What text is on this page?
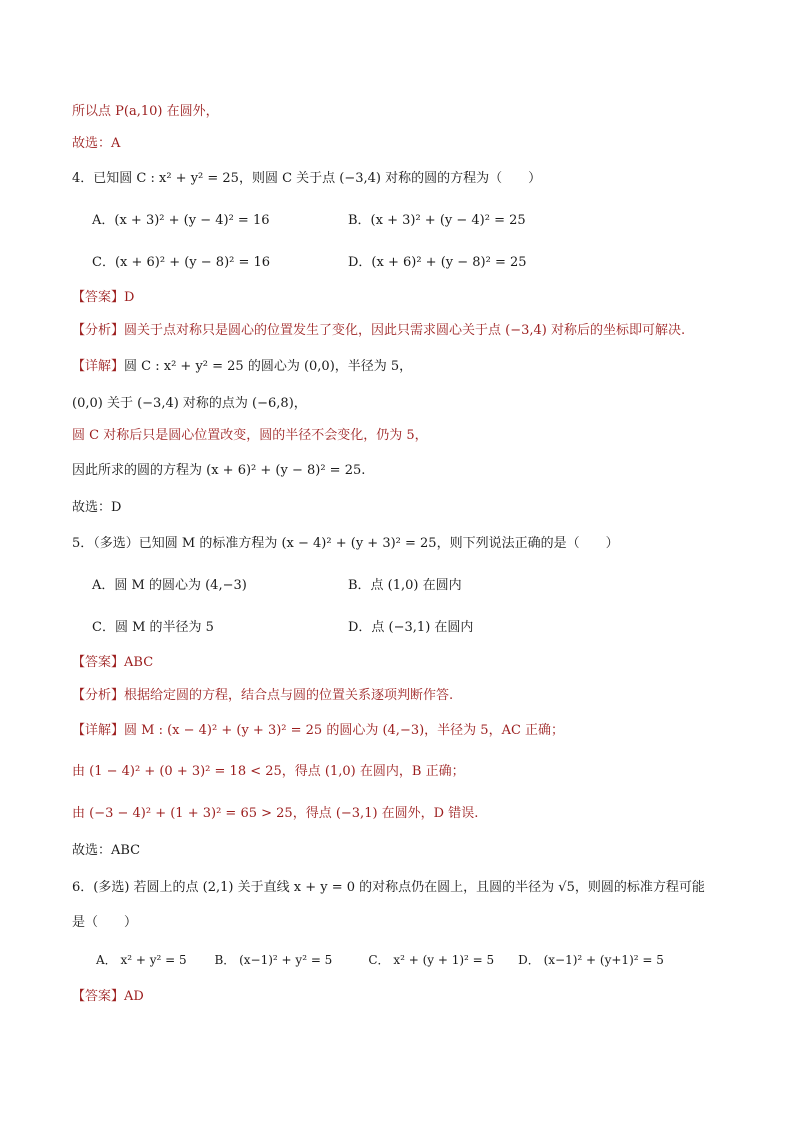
所以点 P(a,10) 在圆外，
故选：A
4．已知圆 C : x² + y² = 25，则圆 C 关于点 (−3,4) 对称的圆的方程为（　　）
A．(x + 3)² + (y − 4)² = 16	B．(x + 3)² + (y − 4)² = 25
C．(x + 6)² + (y − 8)² = 16	D．(x + 6)² + (y − 8)² = 25
【答案】D
【分析】圆关于点对称只是圆心的位置发生了变化，因此只需求圆心关于点 (−3,4) 对称后的坐标即可解决.
【详解】圆 C : x² + y² = 25 的圆心为 (0,0)，半径为 5，
(0,0) 关于 (−3,4) 对称的点为 (−6,8)，
圆 C 对称后只是圆心位置改变，圆的半径不会变化，仍为 5，
因此所求的圆的方程为 (x + 6)² + (y − 8)² = 25.
故选：D
5．（多选）已知圆 M 的标准方程为 (x − 4)² + (y + 3)² = 25，则下列说法正确的是（　　）
A．圆 M 的圆心为 (4,−3)	B．点 (1,0) 在圆内
C．圆 M 的半径为 5	D．点 (−3,1) 在圆内
【答案】ABC
【分析】根据给定圆的方程，结合点与圆的位置关系逐项判断作答.
【详解】圆 M : (x − 4)² + (y + 3)² = 25 的圆心为 (4,−3)，半径为 5，AC 正确；
由 (1 − 4)² + (0 + 3)² = 18 < 25，得点 (1,0) 在圆内，B 正确；
由 (−3 − 4)² + (1 + 3)² = 65 > 25，得点 (−3,1) 在圆外，D 错误.
故选：ABC
6．(多选) 若圆上的点 (2,1) 关于直线 x + y = 0 的对称点仍在圆上，且圆的半径为 √5，则圆的标准方程可能
是（　　）
A． x² + y² = 5　　 B． (x−1)² + y² = 5　　　C． x² + (y + 1)² = 5　　D． (x−1)² + (y+1)² = 5
【答案】AD
